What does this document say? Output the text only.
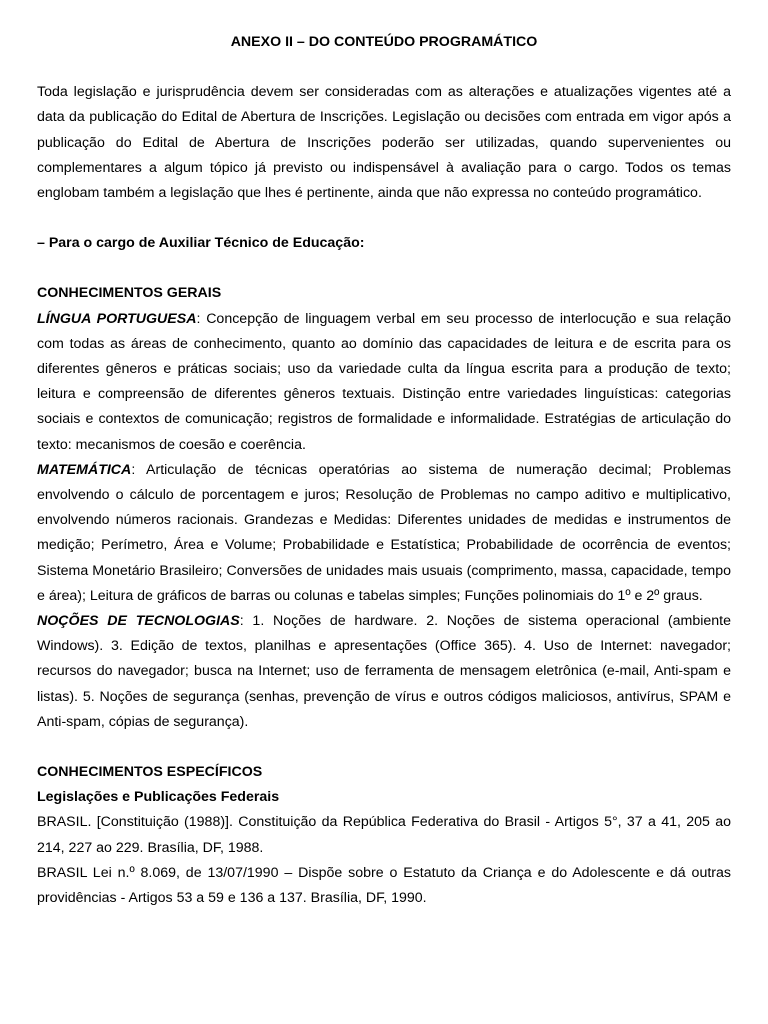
ANEXO II – DO CONTEÚDO PROGRAMÁTICO

Toda legislação e jurisprudência devem ser consideradas com as alterações e atualizações vigentes até a data da publicação do Edital de Abertura de Inscrições. Legislação ou decisões com entrada em vigor após a publicação do Edital de Abertura de Inscrições poderão ser utilizadas, quando supervenientes ou complementares a algum tópico já previsto ou indispensável à avaliação para o cargo. Todos os temas englobam também a legislação que lhes é pertinente, ainda que não expressa no conteúdo programático.

– Para o cargo de Auxiliar Técnico de Educação:

CONHECIMENTOS GERAIS

LÍNGUA PORTUGUESA: Concepção de linguagem verbal em seu processo de interlocução e sua relação com todas as áreas de conhecimento, quanto ao domínio das capacidades de leitura e de escrita para os diferentes gêneros e práticas sociais; uso da variedade culta da língua escrita para a produção de texto; leitura e compreensão de diferentes gêneros textuais. Distinção entre variedades linguísticas: categorias sociais e contextos de comunicação; registros de formalidade e informalidade. Estratégias de articulação do texto: mecanismos de coesão e coerência.

MATEMÁTICA: Articulação de técnicas operatórias ao sistema de numeração decimal; Problemas envolvendo o cálculo de porcentagem e juros; Resolução de Problemas no campo aditivo e multiplicativo, envolvendo números racionais. Grandezas e Medidas: Diferentes unidades de medidas e instrumentos de medição; Perímetro, Área e Volume; Probabilidade e Estatística; Probabilidade de ocorrência de eventos; Sistema Monetário Brasileiro; Conversões de unidades mais usuais (comprimento, massa, capacidade, tempo e área); Leitura de gráficos de barras ou colunas e tabelas simples; Funções polinomiais do 1º e 2º graus.

NOÇÕES DE TECNOLOGIAS: 1. Noções de hardware. 2. Noções de sistema operacional (ambiente Windows). 3. Edição de textos, planilhas e apresentações (Office 365). 4. Uso de Internet: navegador; recursos do navegador; busca na Internet; uso de ferramenta de mensagem eletrônica (e-mail, Anti-spam e listas). 5. Noções de segurança (senhas, prevenção de vírus e outros códigos maliciosos, antivírus, SPAM e Anti-spam, cópias de segurança).

CONHECIMENTOS ESPECÍFICOS

Legislações e Publicações Federais

BRASIL. [Constituição (1988)]. Constituição da República Federativa do Brasil - Artigos 5°, 37 a 41, 205 ao 214, 227 ao 229. Brasília, DF, 1988.

BRASIL Lei n.º 8.069, de 13/07/1990 – Dispõe sobre o Estatuto da Criança e do Adolescente e dá outras providências - Artigos 53 a 59 e 136 a 137. Brasília, DF, 1990.
